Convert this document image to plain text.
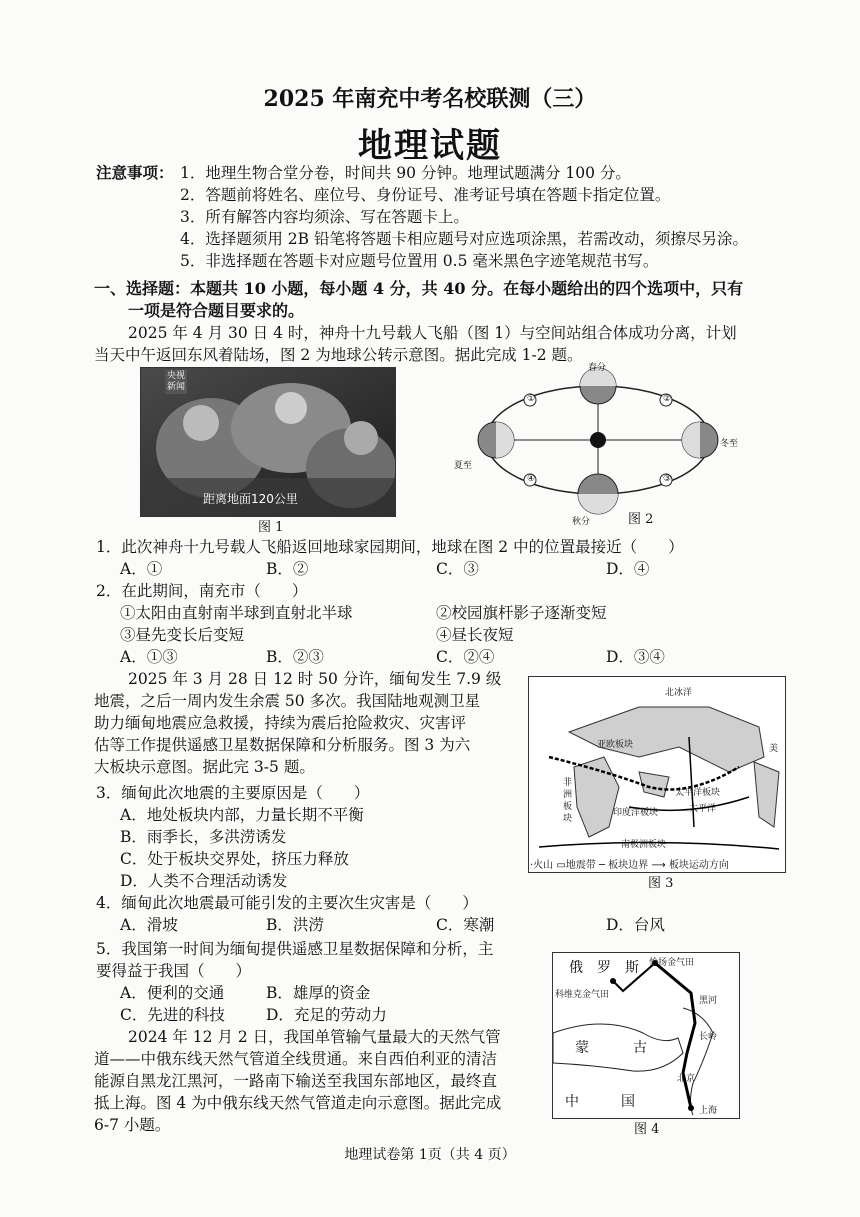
2025 年南充中考名校联测（三）
地理试题
注意事项： 1．地理生物合堂分卷，时间共 90 分钟。地理试题满分 100 分。
2．答题前将姓名、座位号、身份证号、准考证号填在答题卡指定位置。
3．所有解答内容均须涂、写在答题卡上。
4．选择题须用 2B 铅笔将答题卡相应题号对应选项涂黑，若需改动，须擦尽另涂。
5．非选择题在答题卡对应题号位置用 0.5 毫米黑色字迹笔规范书写。
一、选择题：本题共 10 小题，每小题 4 分，共 40 分。在每小题给出的四个选项中，只有
一项是符合题目要求的。
2025 年 4 月 30 日 4 时，神舟十九号载人飞船（图 1）与空间站组合体成功分离，计划
当天中午返回东风着陆场，图 2 为地球公转示意图。据此完成 1-2 题。
央视
新闻
距离地面120公里
图 1
春分
夏至
冬至
秋分
①	②
③
④
图 2
1．此次神舟十九号载人飞船返回地球家园期间，地球在图 2 中的位置最接近（　　）
A．①	B．②	C．③	D．④
2．在此期间，南充市（　　）
①太阳由直射南半球到直射北半球	②校园旗杆影子逐渐变短
③昼先变长后变短	④昼长夜短
A．①③	B．②③	C．②④	D．③④
2025 年 3 月 28 日 12 时 50 分许，缅甸发生 7.9 级
地震，之后一周内发生余震 50 多次。我国陆地观测卫星
助力缅甸地震应急救援，持续为震后抢险救灾、灾害评
估等工作提供遥感卫星数据保障和分析服务。图 3 为六
大板块示意图。据此完 3-5 题。
北冰洋
亚欧板块
太平洋板块
太平洋
印度洋板块
南极洲板块
非
洲
板
块
美
·火山 ▭地震带 ─ 板块边界 ⟶ 板块运动方向
图 3
3．缅甸此次地震的主要原因是（　　）
A．地处板块内部，力量长期不平衡
B．雨季长，多洪涝诱发
C．处于板块交界处，挤压力释放
D．人类不合理活动诱发
4．缅甸此次地震最可能引发的主要次生灾害是（　　）
A．滑坡	B．洪涝	C．寒潮	D．台风
5．我国第一时间为缅甸提供遥感卫星数据保障和分析，主
要得益于我国（　　）
A．便利的交通	B．雄厚的资金
C．先进的科技	D．充足的劳动力
2024 年 12 月 2 日，我国单管输气量最大的天然气管
道——中俄东线天然气管道全线贯通。来自西伯利亚的清洁
能源自黑龙江黑河，一路南下输送至我国东部地区，最终直
抵上海。图 4 为中俄东线天然气管道走向示意图。据此完成
6-7 小题。
俄　罗　斯 恰扬金气田
科维克金气田
蒙	古
中	国
黑河
长岭
北京
上海
图 4
地理试卷第 1页（共 4 页）
